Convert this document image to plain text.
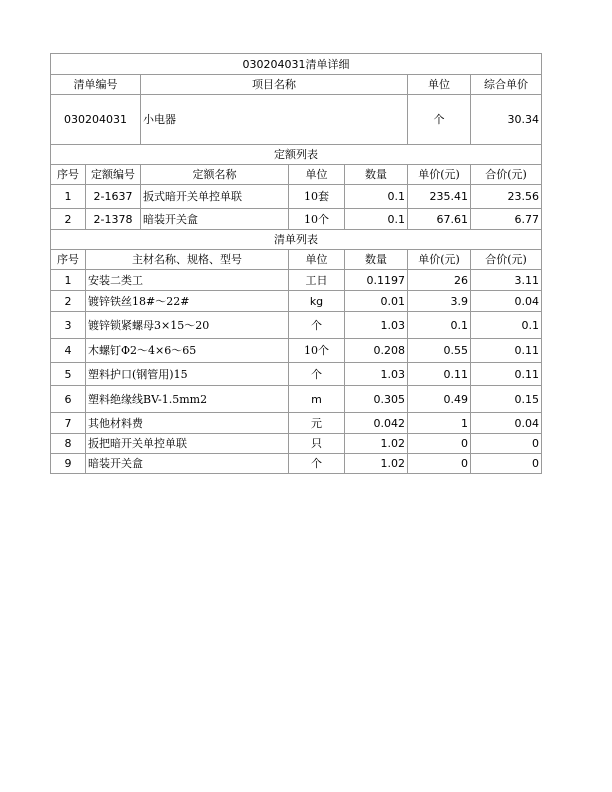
030204031清单详细						
清单编号		项目名称			单位	综合单价
030204031		小电器			个	30.34
定额列表						
序号	定额编号	定额名称	单位	数量	单价(元)	合价(元)
1	2-1637	扳式暗开关单控单联	10套	0.1	235.41	23.56
2	2-1378	暗装开关盒	10个	0.1	67.61	6.77
清单列表						
序号	主材名称、规格、型号		单位	数量	单价(元)	合价(元)
1	安装二类工		工日	0.1197	26	3.11
2	镀锌铁丝18#～22#		kg	0.01	3.9	0.04
3	镀锌锁紧螺母3×15～20		个	1.03	0.1	0.1
4	木螺钉Φ2～4×6～65		10个	0.208	0.55	0.11
5	塑料护口(钢管用)15		个	1.03	0.11	0.11
6	塑料绝缘线BV-1.5mm2		m	0.305	0.49	0.15
7	其他材料费		元	0.042	1	0.04
8	扳把暗开关单控单联		只	1.02	0	0
9	暗装开关盒		个	1.02	0	0
